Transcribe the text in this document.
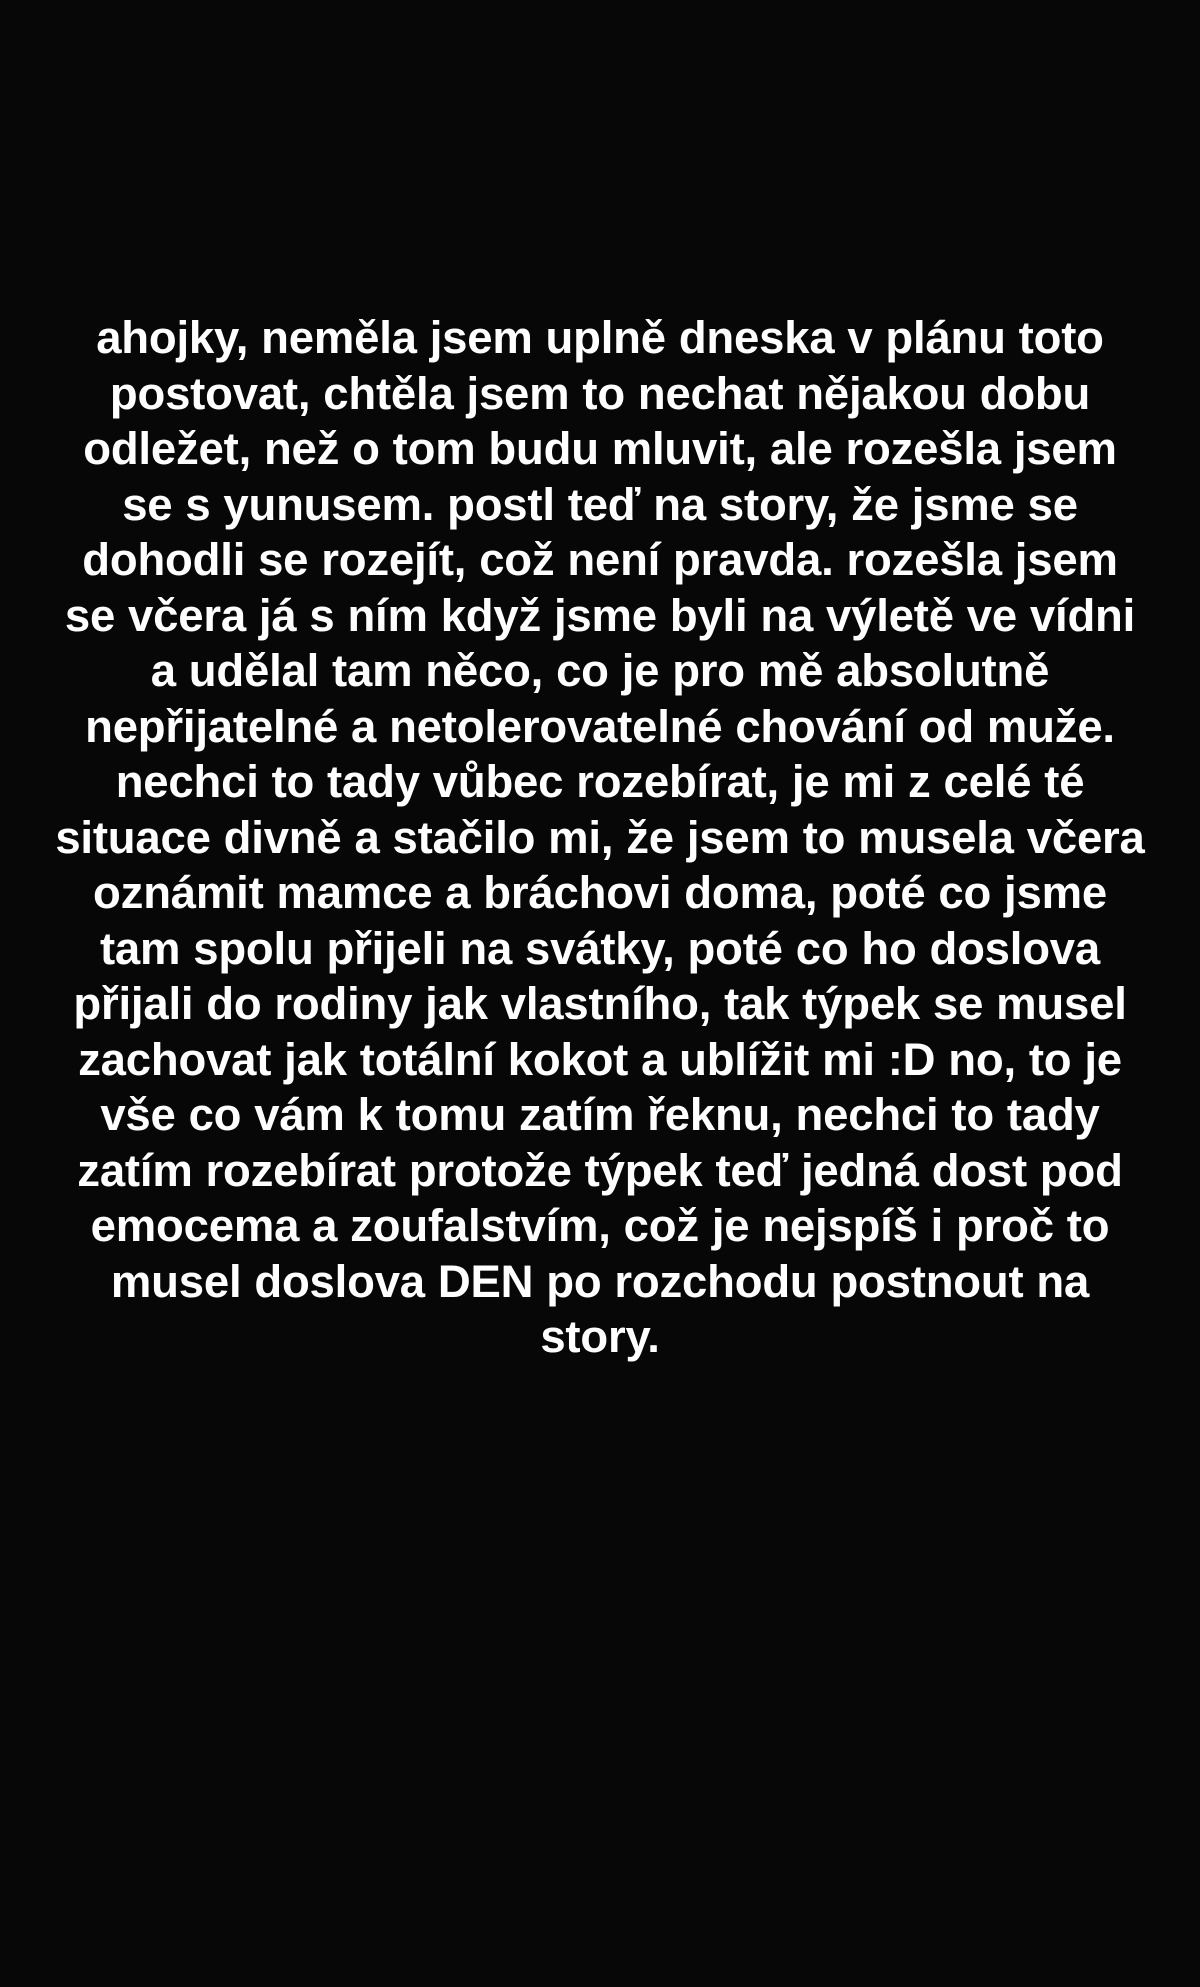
ahojky, neměla jsem uplně dneska v plánu toto postovat, chtěla jsem to nechat nějakou dobu odležet, než o tom budu mluvit, ale rozešla jsem se s yunusem. postl teď na story, že jsme se dohodli se rozejít, což není pravda. rozešla jsem se včera já s ním když jsme byli na výletě ve vídni a udělal tam něco, co je pro mě absolutně nepřijatelné a netolerovatelné chování od muže. nechci to tady vůbec rozebírat, je mi z celé té situace divně a stačilo mi, že jsem to musela včera oznámit mamce a bráchovi doma, poté co jsme tam spolu přijeli na svátky, poté co ho doslova přijali do rodiny jak vlastního, tak týpek se musel zachovat jak totální kokot a ublížit mi :D no, to je vše co vám k tomu zatím řeknu, nechci to tady zatím rozebírat protože týpek teď jedná dost pod emocema a zoufalstvím, což je nejspíš i proč to musel doslova DEN po rozchodu postnout na story.
